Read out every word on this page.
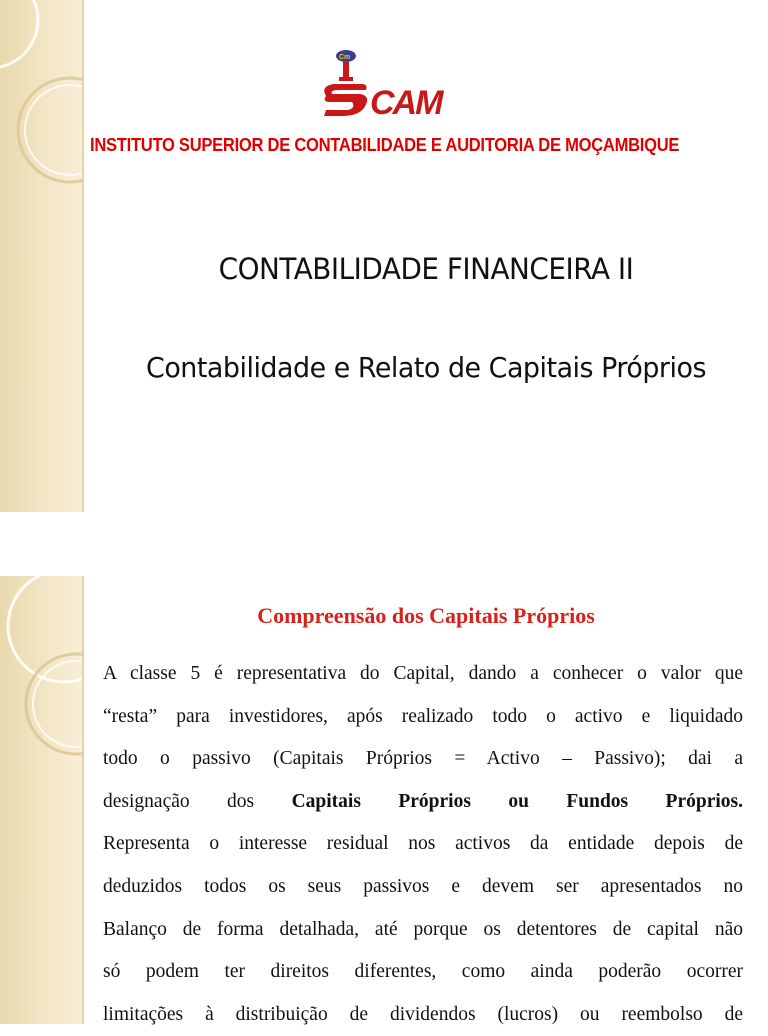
Cm
CAM
INSTITUTO SUPERIOR DE CONTABILIDADE E AUDITORIA DE MOÇAMBIQUE
CONTABILIDADE FINANCEIRA II
Contabilidade e Relato de Capitais Próprios
Compreensão dos Capitais Próprios
A classe 5 é representativa do Capital, dando a conhecer o valor que
“resta” para investidores, após realizado todo o activo e liquidado
todo o passivo (Capitais Próprios = Activo – Passivo); dai a
designação dos Capitais Próprios ou Fundos Próprios.
Representa o interesse residual nos activos da entidade depois de
deduzidos todos os seus passivos e devem ser apresentados no
Balanço de forma detalhada, até porque os detentores de capital não
só podem ter direitos diferentes, como ainda poderão ocorrer
limitações à distribuição de dividendos (lucros) ou reembolso de
